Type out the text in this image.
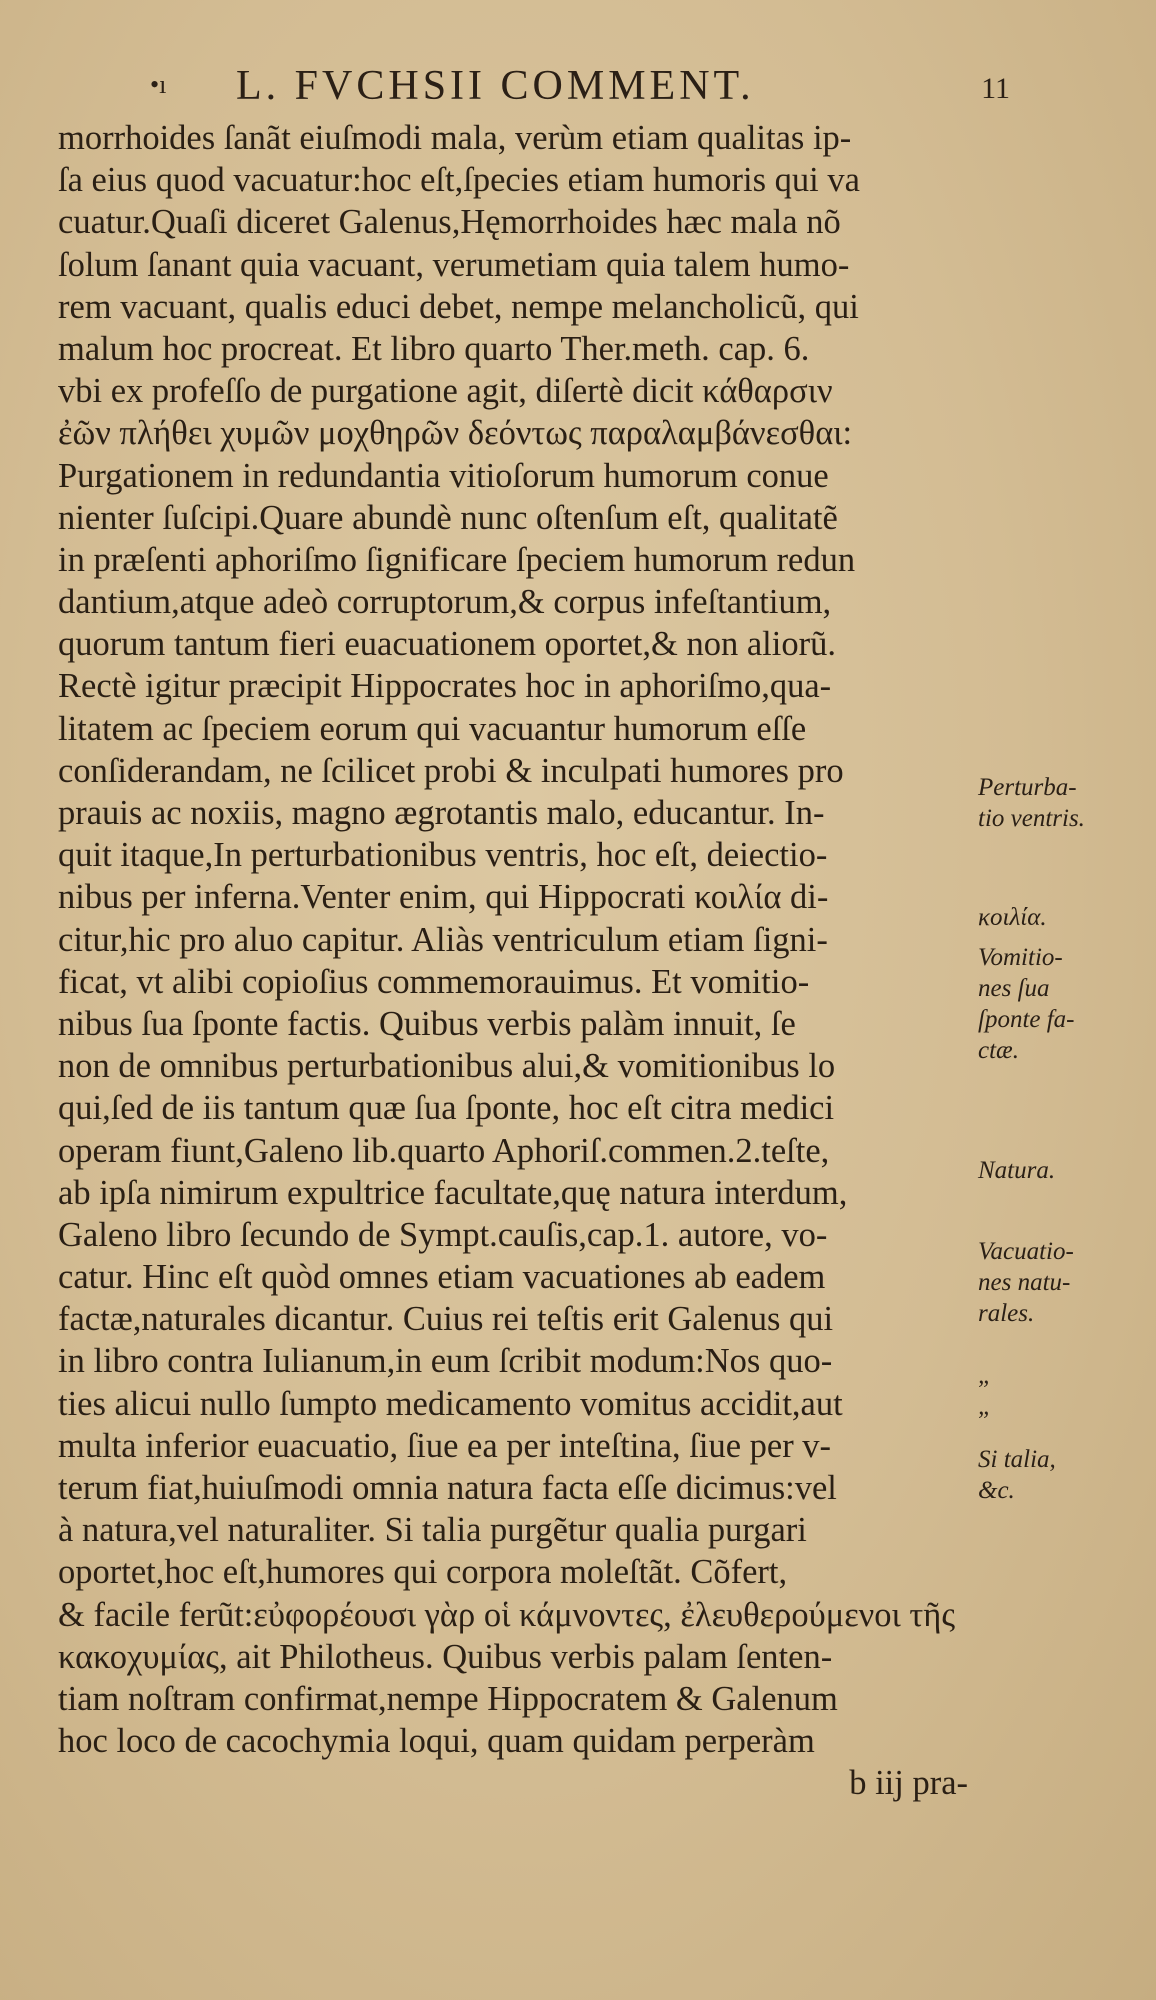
•ı L. FVCHSII COMMENT.	11
morrhoides ſanãt eiuſmodi mala, verùm etiam qualitas ip-
ſa eius quod vacuatur:hoc eſt,ſpecies etiam humoris qui va
cuatur.Quaſi diceret Galenus,Hęmorrhoides hæc mala nõ
ſolum ſanant quia vacuant, verumetiam quia talem humo-
rem vacuant, qualis educi debet, nempe melancholicũ, qui
malum hoc procreat. Et libro quarto Ther.meth. cap. 6.
vbi ex profeſſo de purgatione agit, diſertè dicit κάθαρσιν
ἐῶν πλήθει χυμῶν μοχθηρῶν δεόντως παραλαμβάνεσθαι:
Purgationem in redundantia vitioſorum humorum conue
nienter ſuſcipi.Quare abundè nunc oſtenſum eſt, qualitatẽ
in præſenti aphoriſmo ſignificare ſpeciem humorum redun
dantium,atque adeò corruptorum,& corpus infeſtantium,
quorum tantum fieri euacuationem oportet,& non aliorũ.
Rectè igitur præcipit Hippocrates hoc in aphoriſmo,qua-
litatem ac ſpeciem eorum qui vacuantur humorum eſſe
conſiderandam, ne ſcilicet probi & inculpati humores pro
prauis ac noxiis, magno ægrotantis malo, educantur. In-
quit itaque,In perturbationibus ventris, hoc eſt, deiectio-
nibus per inferna.Venter enim, qui Hippocrati κοιλία di-
citur,hic pro aluo capitur. Aliàs ventriculum etiam ſigni-
ficat, vt alibi copioſius commemorauimus. Et vomitio-
nibus ſua ſponte factis. Quibus verbis palàm innuit, ſe
non de omnibus perturbationibus alui,& vomitionibus lo
qui,ſed de iis tantum quæ ſua ſponte, hoc eſt citra medici
operam fiunt,Galeno lib.quarto Aphoriſ.commen.2.teſte,
ab ipſa nimirum expultrice facultate,quę natura interdum,
Galeno libro ſecundo de Sympt.cauſis,cap.1. autore, vo-
catur. Hinc eſt quòd omnes etiam vacuationes ab eadem
factæ,naturales dicantur. Cuius rei teſtis erit Galenus qui
in libro contra Iulianum,in eum ſcribit modum:Nos quo-
ties alicui nullo ſumpto medicamento vomitus accidit,aut
multa inferior euacuatio, ſiue ea per inteſtina, ſiue per v-
terum fiat,huiuſmodi omnia natura facta eſſe dicimus:vel
à natura,vel naturaliter. Si talia purgẽtur qualia purgari
oportet,hoc eſt,humores qui corpora moleſtãt. Cõfert,
& facile ferũt:εὐφορέουσι γὰρ οἱ κάμνοντες, ἐλευθερούμενοι τῆς
κακοχυμίας, ait Philotheus. Quibus verbis palam ſenten-
tiam noſtram confirmat,nempe Hippocratem & Galenum
hoc loco de cacochymia loqui, quam quidam perperàm
b iij pra-
Perturba-
tio ventris.
κοιλία.
Vomitio-
nes ſua
ſponte fa-
ctæ.
Natura.
Vacuatio-
nes natu-
rales.
„
„
Si talia,
&c.
